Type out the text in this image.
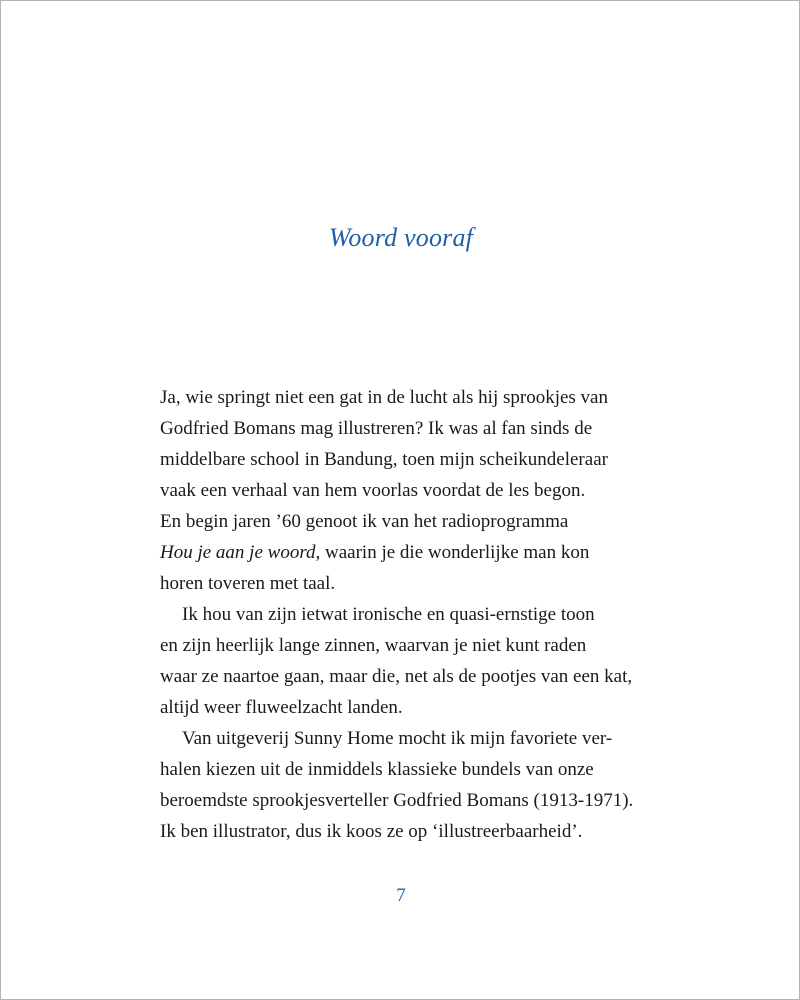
Woord vooraf
Ja, wie springt niet een gat in de lucht als hij sprookjes van
Godfried Bomans mag illustreren? Ik was al fan sinds de
middelbare school in Bandung, toen mijn scheikundeleraar
vaak een verhaal van hem voorlas voordat de les begon.
En begin jaren ’60 genoot ik van het radioprogramma
Hou je aan je woord, waarin je die wonderlijke man kon
horen toveren met taal.
Ik hou van zijn ietwat ironische en quasi-ernstige toon
en zijn heerlijk lange zinnen, waarvan je niet kunt raden
waar ze naartoe gaan, maar die, net als de pootjes van een kat,
altijd weer fluweelzacht landen.
Van uitgeverij Sunny Home mocht ik mijn favoriete ver-
halen kiezen uit de inmiddels klassieke bundels van onze
beroemdste sprookjesverteller Godfried Bomans (1913-1971).
Ik ben illustrator, dus ik koos ze op ‘illustreerbaarheid’.
7
